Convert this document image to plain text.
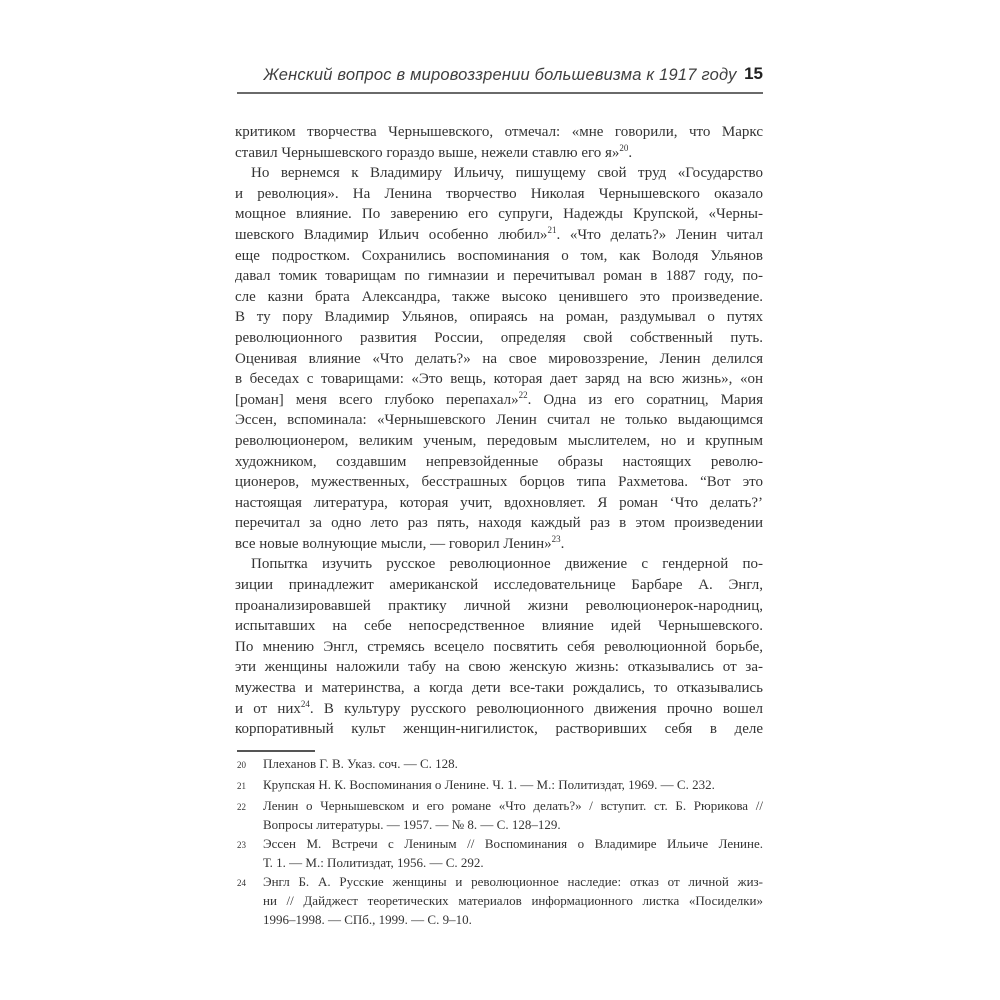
Женский вопрос в мировоззрении большевизма к 1917 году 15
критиком творчества Чернышевского, отмечал: «мне говорили, что Маркс
ставил Чернышевского гораздо выше, нежели ставлю его я»$^{20}$.
Но вернемся к Владимиру Ильичу, пишущему свой труд «Государство
и революция». На Ленина творчество Николая Чернышевского оказало
мощное влияние. По заверению его супруги, Надежды Крупской, «Черны-
шевского Владимир Ильич особенно любил»$^{21}$. «Что делать?» Ленин читал
еще подростком. Сохранились воспоминания о том, как Володя Ульянов
давал томик товарищам по гимназии и перечитывал роман в 1887 году, по-
сле казни брата Александра, также высоко ценившего это произведение.
В ту пору Владимир Ульянов, опираясь на роман, раздумывал о путях
революционного развития России, определяя свой собственный путь.
Оценивая влияние «Что делать?» на свое мировоззрение, Ленин делился
в беседах с товарищами: «Это вещь, которая дает заряд на всю жизнь», «он
[роман] меня всего глубоко перепахал»$^{22}$. Одна из его соратниц, Мария
Эссен, вспоминала: «Чернышевского Ленин считал не только выдающимся
революционером, великим ученым, передовым мыслителем, но и крупным
художником, создавшим непревзойденные образы настоящих револю-
ционеров, мужественных, бесстрашных борцов типа Рахметова. “Вот это
настоящая литература, которая учит, вдохновляет. Я роман ‘Что делать?’
перечитал за одно лето раз пять, находя каждый раз в этом произведении
все новые волнующие мысли, — говорил Ленин»$^{23}$.
Попытка изучить русское революционное движение с гендерной по-
зиции принадлежит американской исследовательнице Барбаре А. Энгл,
проанализировавшей практику личной жизни революционерок-народниц,
испытавших на себе непосредственное влияние идей Чернышевского.
По мнению Энгл, стремясь всецело посвятить себя революционной борьбе,
эти женщины наложили табу на свою женскую жизнь: отказывались от за-
мужества и материнства, а когда дети все-таки рождались, то отказывались
и от них$^{24}$. В культуру русского революционного движения прочно вошел
корпоративный культ женщин-нигилисток, растворивших себя в деле
20	Плеханов Г. В. Указ. соч. — С. 128.
21	Крупская Н. К. Воспоминания о Ленине. Ч. 1. — М.: Политиздат, 1969. — С. 232.
22	Ленин о Чернышевском и его романе «Что делать?» / вступит. ст. Б. Рюрикова //
Вопросы литературы. — 1957. — № 8. — С. 128–129.
23	Эссен М. Встречи с Лениным // Воспоминания о Владимире Ильиче Ленине.
Т. 1. — М.: Политиздат, 1956. — С. 292.
24	Энгл Б. А. Русские женщины и революционное наследие: отказ от личной жиз-
ни // Дайджест теоретических материалов информационного листка «Посиделки»
1996–1998. — СПб., 1999. — С. 9–10.
